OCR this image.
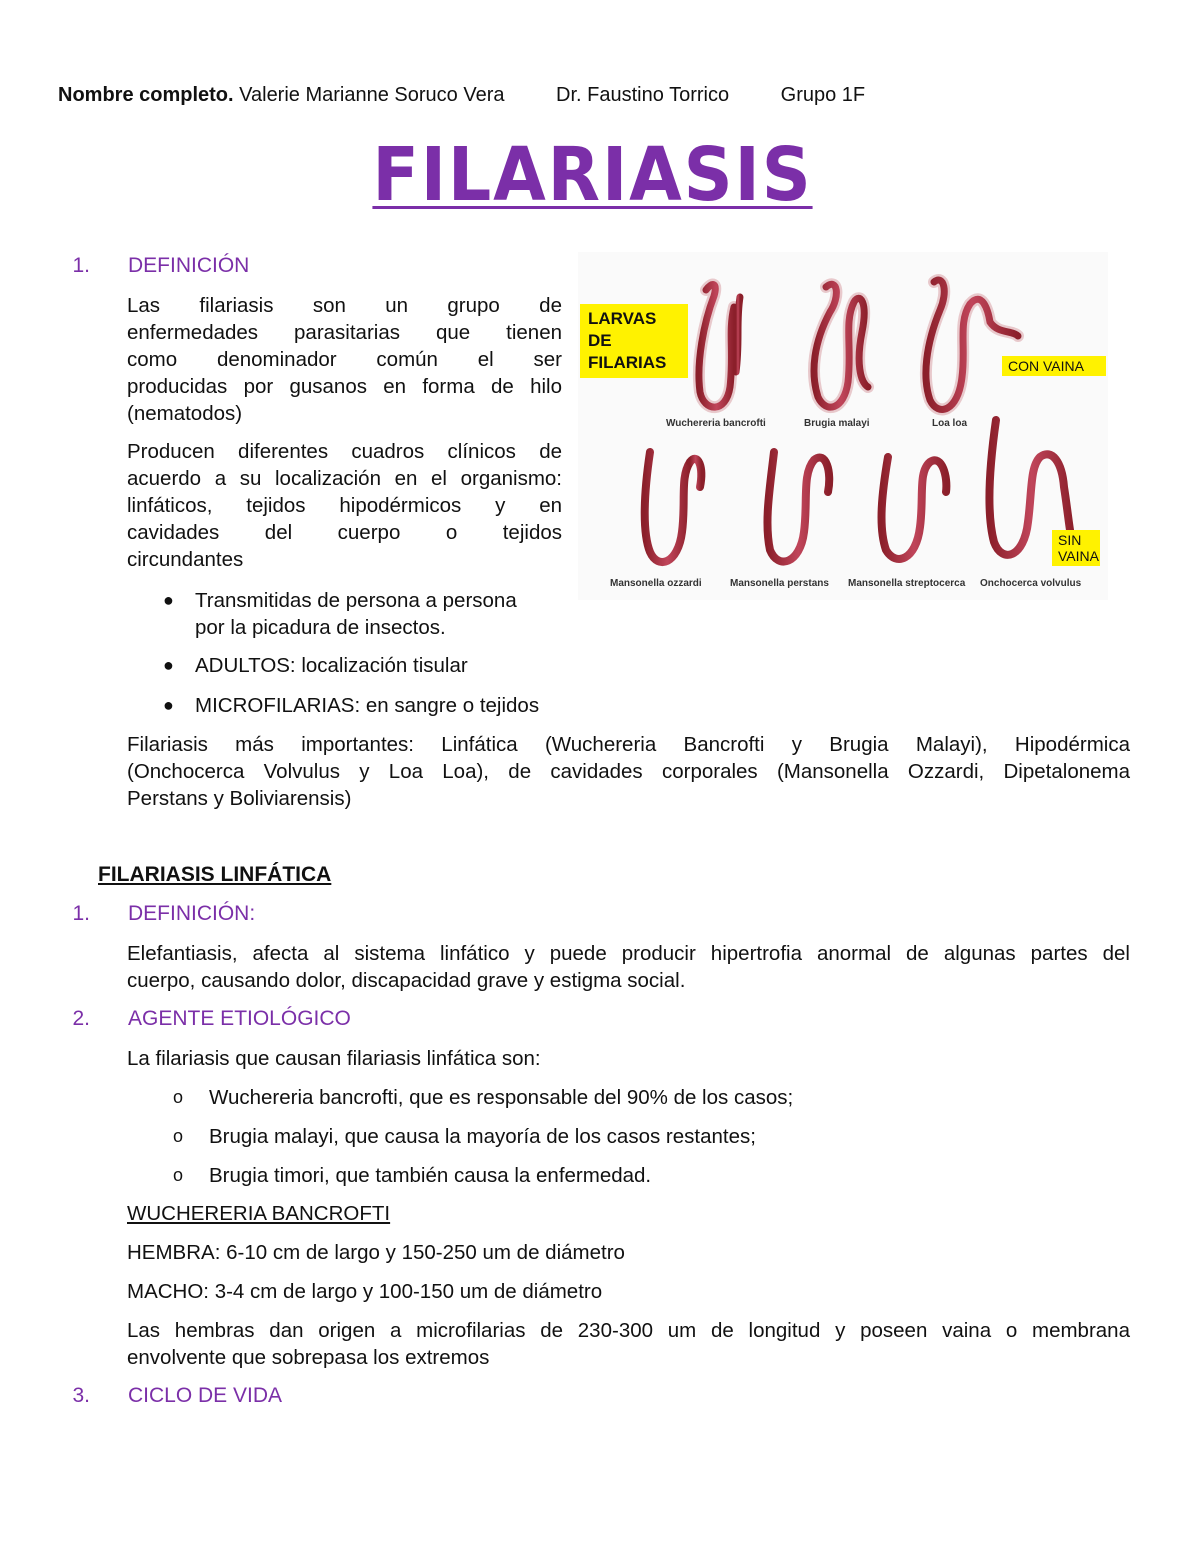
Nombre completo. Valerie Marianne Soruco Vera	Dr. Faustino Torrico	Grupo 1F
FILARIASIS
1. DEFINICIÓN
Las filariasis son un grupo de
enfermedades parasitarias que tienen
como denominador común el ser
producidas por gusanos en forma de hilo
(nematodos)
Producen diferentes cuadros clínicos de
acuerdo a su localización en el organismo:
linfáticos, tejidos hipodérmicos y en
cavidades del cuerpo o tejidos
circundantes
● Transmitidas de persona a persona
por la picadura de insectos.
● ADULTOS: localización tisular
● MICROFILARIAS: en sangre o tejidos
Filariasis más importantes: Linfática (Wuchereria Bancrofti y Brugia Malayi), Hipodérmica
(Onchocerca Volvulus y Loa Loa), de cavidades corporales (Mansonella Ozzardi, Dipetalonema
Perstans y Boliviarensis)
LARVAS
DE
FILARIAS	CON VAINA
SIN
VAINA
Wuchereria bancrofti	Brugia malayi	Loa loa
Mansonella ozzardi	Mansonella perstans Mansonella streptocerca Onchocerca volvulus
FILARIASIS LINFÁTICA
1. DEFINICIÓN:
Elefantiasis, afecta al sistema linfático y puede producir hipertrofia anormal de algunas partes del
cuerpo, causando dolor, discapacidad grave y estigma social.
2. AGENTE ETIOLÓGICO
La filariasis que causan filariasis linfática son:
o Wuchereria bancrofti, que es responsable del 90% de los casos;
o Brugia malayi, que causa la mayoría de los casos restantes;
o Brugia timori, que también causa la enfermedad.
WUCHERERIA BANCROFTI
HEMBRA: 6-10 cm de largo y 150-250 um de diámetro
MACHO: 3-4 cm de largo y 100-150 um de diámetro
Las hembras dan origen a microfilarias de 230-300 um de longitud y poseen vaina o membrana
envolvente que sobrepasa los extremos
3. CICLO DE VIDA
